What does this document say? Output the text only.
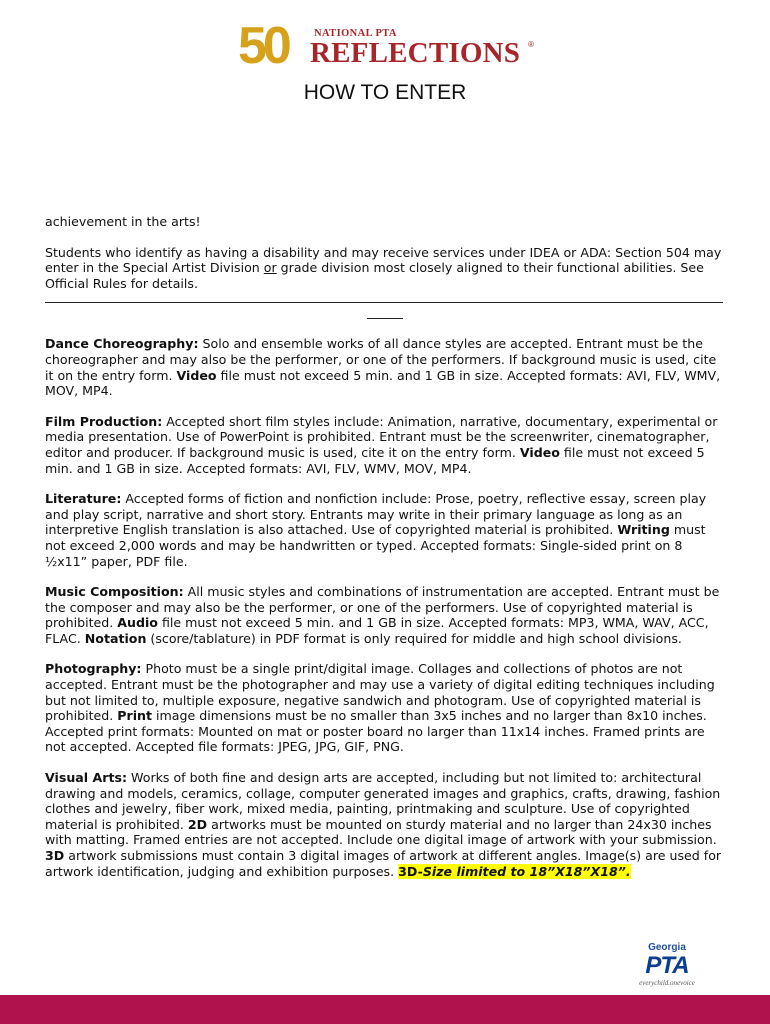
50 NATIONAL PTA
REFLECTIONS ®
HOW TO ENTER

achievement in the arts!

Students who identify as having a disability and may receive services under IDEA or ADA: Section 504 may enter in the Special Artist Division or grade division most closely aligned to their functional abilities. See Official Rules for details.

Dance Choreography: Solo and ensemble works of all dance styles are accepted. Entrant must be the choreographer and may also be the performer, or one of the performers. If background music is used, cite it on the entry form. Video file must not exceed 5 min. and 1 GB in size. Accepted formats: AVI, FLV, WMV, MOV, MP4.

Film Production: Accepted short film styles include: Animation, narrative, documentary, experimental or media presentation. Use of PowerPoint is prohibited. Entrant must be the screenwriter, cinematographer, editor and producer. If background music is used, cite it on the entry form. Video file must not exceed 5 min. and 1 GB in size. Accepted formats: AVI, FLV, WMV, MOV, MP4.

Literature: Accepted forms of fiction and nonfiction include: Prose, poetry, reflective essay, screen play and play script, narrative and short story. Entrants may write in their primary language as long as an interpretive English translation is also attached. Use of copyrighted material is prohibited. Writing must not exceed 2,000 words and may be handwritten or typed. Accepted formats: Single-sided print on 8 ½x11” paper, PDF file.

Music Composition: All music styles and combinations of instrumentation are accepted. Entrant must be the composer and may also be the performer, or one of the performers. Use of copyrighted material is prohibited. Audio file must not exceed 5 min. and 1 GB in size. Accepted formats: MP3, WMA, WAV, ACC, FLAC. Notation (score/tablature) in PDF format is only required for middle and high school divisions.

Photography: Photo must be a single print/digital image. Collages and collections of photos are not accepted. Entrant must be the photographer and may use a variety of digital editing techniques including but not limited to, multiple exposure, negative sandwich and photogram. Use of copyrighted material is prohibited. Print image dimensions must be no smaller than 3x5 inches and no larger than 8x10 inches. Accepted print formats: Mounted on mat or poster board no larger than 11x14 inches. Framed prints are not accepted. Accepted file formats: JPEG, JPG, GIF, PNG.

Visual Arts: Works of both fine and design arts are accepted, including but not limited to: architectural drawing and models, ceramics, collage, computer generated images and graphics, crafts, drawing, fashion clothes and jewelry, fiber work, mixed media, painting, printmaking and sculpture. Use of copyrighted material is prohibited. 2D artworks must be mounted on sturdy material and no larger than 24x30 inches with matting. Framed entries are not accepted. Include one digital image of artwork with your submission. 3D artwork submissions must contain 3 digital images of artwork at different angles. Image(s) are used for artwork identification, judging and exhibition purposes. 3D-Size limited to 18”X18”X18”.

Georgia
PTA
everychild.onevoice
